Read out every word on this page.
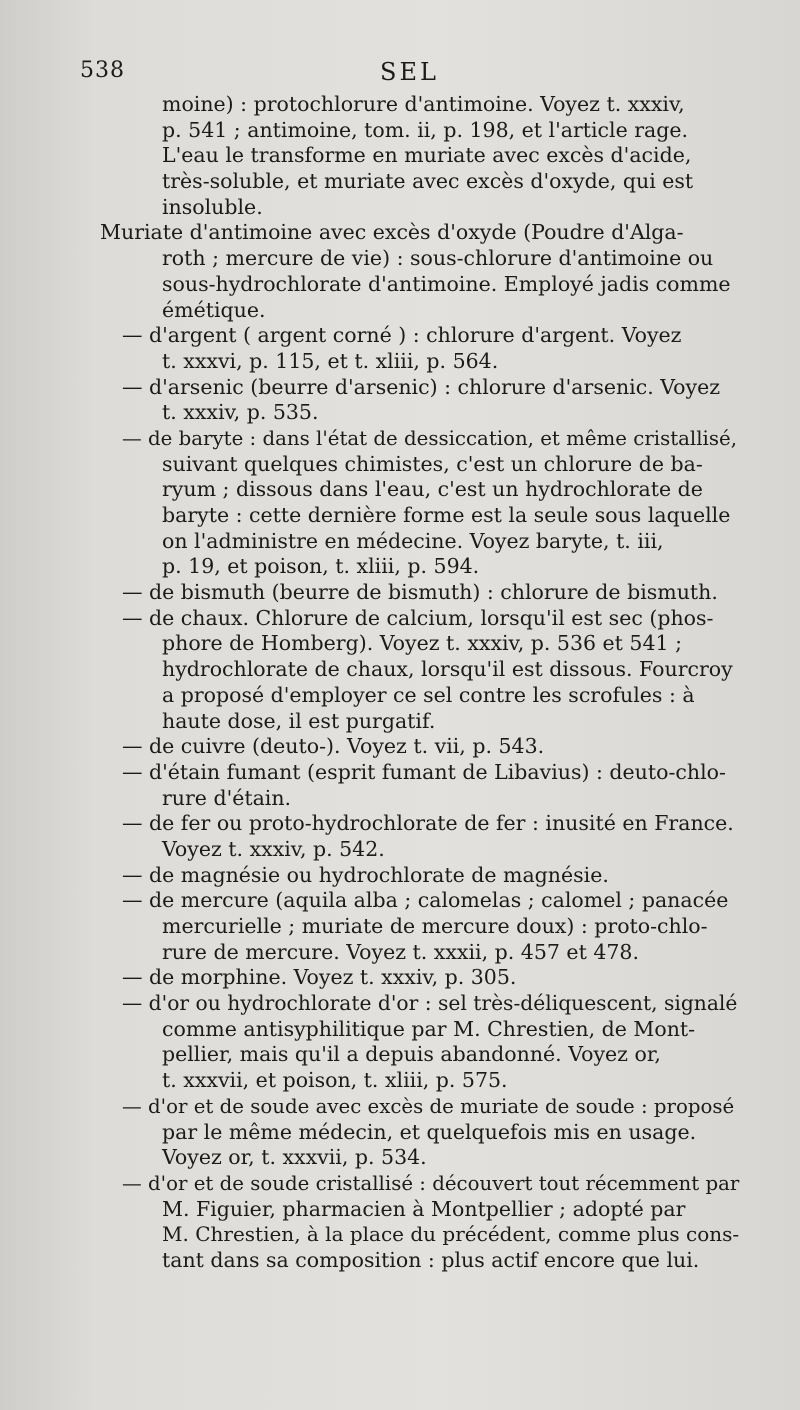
538	SEL
moine) : protochlorure d'antimoine. Voyez t. xxxiv,
p. 541 ; antimoine, tom. ii, p. 198, et l'article rage.
L'eau le transforme en muriate avec excès d'acide,
très-soluble, et muriate avec excès d'oxyde, qui est
insoluble.
Muriate d'antimoine avec excès d'oxyde (Poudre d'Alga-
roth ; mercure de vie) : sous-chlorure d'antimoine ou
sous-hydrochlorate d'antimoine. Employé jadis comme
émétique.
— d'argent ( argent corné ) : chlorure d'argent. Voyez
t. xxxvi, p. 115, et t. xliii, p. 564.
— d'arsenic (beurre d'arsenic) : chlorure d'arsenic. Voyez
t. xxxiv, p. 535.
— de baryte : dans l'état de dessiccation, et même cristallisé,
suivant quelques chimistes, c'est un chlorure de ba-
ryum ; dissous dans l'eau, c'est un hydrochlorate de
baryte : cette dernière forme est la seule sous laquelle
on l'administre en médecine. Voyez baryte, t. iii,
p. 19, et poison, t. xliii, p. 594.
— de bismuth (beurre de bismuth) : chlorure de bismuth.
— de chaux. Chlorure de calcium, lorsqu'il est sec (phos-
phore de Homberg). Voyez t. xxxiv, p. 536 et 541 ;
hydrochlorate de chaux, lorsqu'il est dissous. Fourcroy
a proposé d'employer ce sel contre les scrofules : à
haute dose, il est purgatif.
— de cuivre (deuto-). Voyez t. vii, p. 543.
— d'étain fumant (esprit fumant de Libavius) : deuto-chlo-
rure d'étain.
— de fer ou proto-hydrochlorate de fer : inusité en France.
Voyez t. xxxiv, p. 542.
— de magnésie ou hydrochlorate de magnésie.
— de mercure (aquila alba ; calomelas ; calomel ; panacée
mercurielle ; muriate de mercure doux) : proto-chlo-
rure de mercure. Voyez t. xxxii, p. 457 et 478.
— de morphine. Voyez t. xxxiv, p. 305.
— d'or ou hydrochlorate d'or : sel très-déliquescent, signalé
comme antisyphilitique par M. Chrestien, de Mont-
pellier, mais qu'il a depuis abandonné. Voyez or,
t. xxxvii, et poison, t. xliii, p. 575.
— d'or et de soude avec excès de muriate de soude : proposé
par le même médecin, et quelquefois mis en usage.
Voyez or, t. xxxvii, p. 534.
— d'or et de soude cristallisé : découvert tout récemment par
M. Figuier, pharmacien à Montpellier ; adopté par
M. Chrestien, à la place du précédent, comme plus cons-
tant dans sa composition : plus actif encore que lui.
